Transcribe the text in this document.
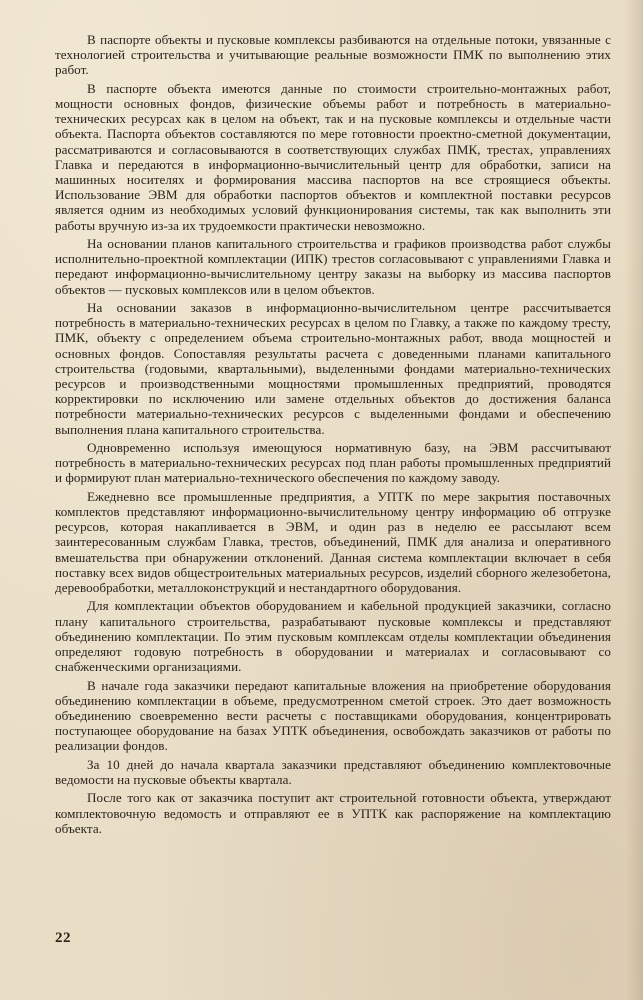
В паспорте объекты и пусковые комплексы разбиваются на отдельные потоки, увязанные с технологией строительства и учитывающие реальные возможности ПМК по выполнению этих работ.

В паспорте объекта имеются данные по стоимости строительно-монтажных работ, мощности основных фондов, физические объемы работ и потребность в материально-технических ресурсах как в целом на объект, так и на пусковые комплексы и отдельные части объекта. Паспорта объектов составляются по мере готовности проектно-сметной документации, рассматриваются и согласовываются в соответствующих службах ПМК, трестах, управлениях Главка и передаются в информационно-вычислительный центр для обработки, записи на машинных носителях и формирования массива паспортов на все строящиеся объекты. Использование ЭВМ для обработки паспортов объектов и комплектной поставки ресурсов является одним из необходимых условий функционирования системы, так как выполнить эти работы вручную из-за их трудоемкости практически невозможно.

На основании планов капитального строительства и графиков производства работ службы исполнительно-проектной комплектации (ИПК) трестов согласовывают с управлениями Главка и передают информационно-вычислительному центру заказы на выборку из массива паспортов объектов — пусковых комплексов или в целом объектов.

На основании заказов в информационно-вычислительном центре рассчитывается потребность в материально-технических ресурсах в целом по Главку, а также по каждому тресту, ПМК, объекту с определением объема строительно-монтажных работ, ввода мощностей и основных фондов. Сопоставляя результаты расчета с доведенными планами капитального строительства (годовыми, квартальными), выделенными фондами материально-технических ресурсов и производственными мощностями промышленных предприятий, проводятся корректировки по исключению или замене отдельных объектов до достижения баланса потребности материально-технических ресурсов с выделенными фондами и обеспечению выполнения плана капитального строительства.

Одновременно используя имеющуюся нормативную базу, на ЭВМ рассчитывают потребность в материально-технических ресурсах под план работы промышленных предприятий и формируют план материально-технического обеспечения по каждому заводу.

Ежедневно все промышленные предприятия, а УПТК по мере закрытия поставочных комплектов представляют информационно-вычислительному центру информацию об отгрузке ресурсов, которая накапливается в ЭВМ, и один раз в неделю ее рассылают всем заинтересованным службам Главка, трестов, объединений, ПМК для анализа и оперативного вмешательства при обнаружении отклонений. Данная система комплектации включает в себя поставку всех видов общестроительных материальных ресурсов, изделий сборного железобетона, деревообработки, металлоконструкций и нестандартного оборудования.

Для комплектации объектов оборудованием и кабельной продукцией заказчики, согласно плану капитального строительства, разрабатывают пусковые комплексы и представляют объединению комплектации. По этим пусковым комплексам отделы комплектации объединения определяют годовую потребность в оборудовании и материалах и согласовывают со снабженческими организациями.

В начале года заказчики передают капитальные вложения на приобретение оборудования объединению комплектации в объеме, предусмотренном сметой строек. Это дает возможность объединению своевременно вести расчеты с поставщиками оборудования, концентрировать поступающее оборудование на базах УПТК объединения, освобождать заказчиков от работы по реализации фондов.

За 10 дней до начала квартала заказчики представляют объединению комплектовочные ведомости на пусковые объекты квартала.

После того как от заказчика поступит акт строительной готовности объекта, утверждают комплектовочную ведомость и отправляют ее в УПТК как распоряжение на комплектацию объекта.

22
